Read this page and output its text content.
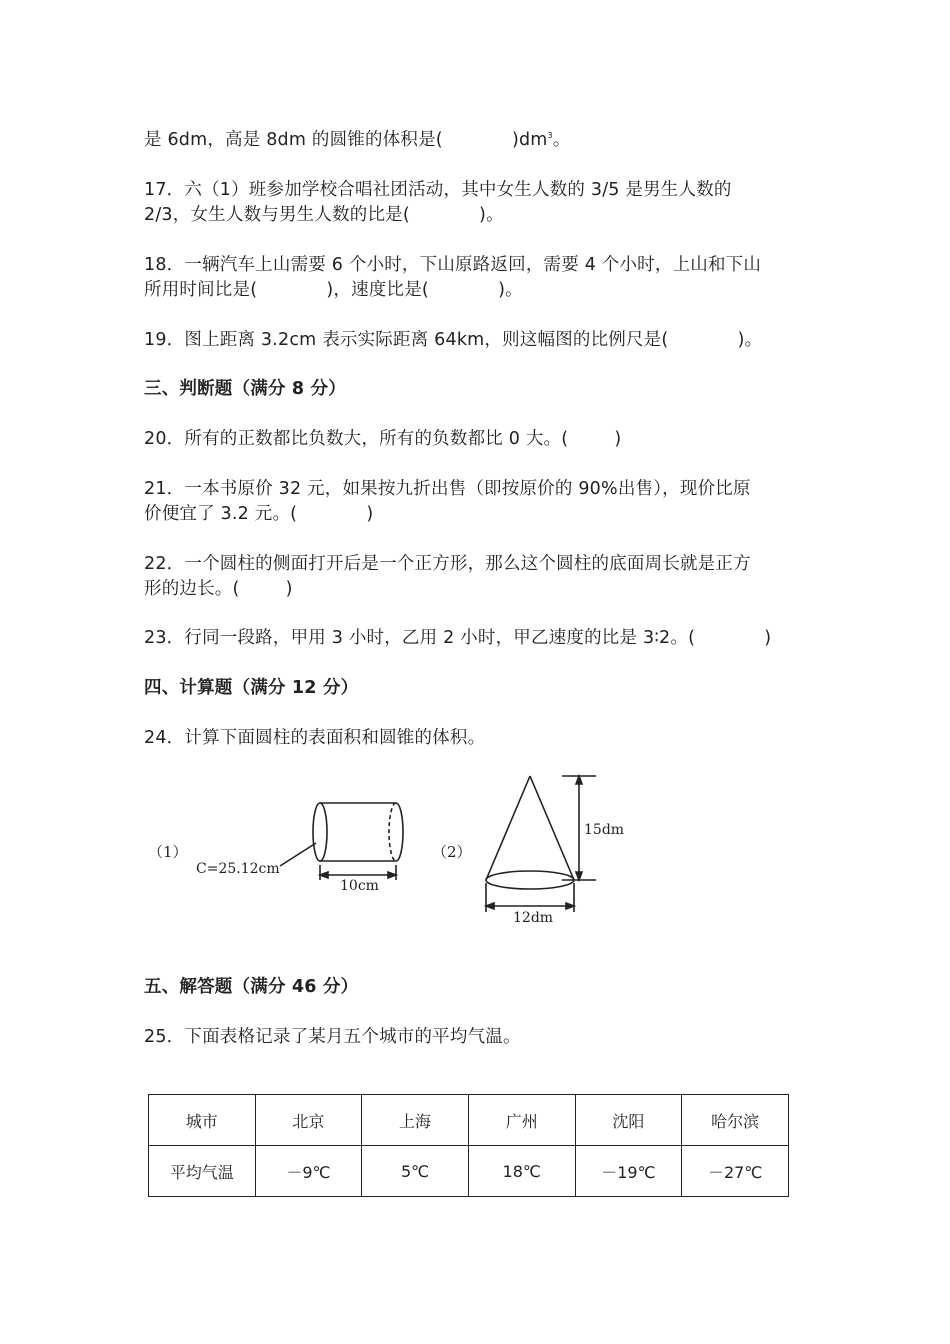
是 6dm，高是 8dm 的圆锥的体积是(            )$dm^3$。
17．六（1）班参加学校合唱社团活动，其中女生人数的 3/5 是男生人数的
2/3，女生人数与男生人数的比是(            )。
18．一辆汽车上山需要 6 个小时，下山原路返回，需要 4 个小时，上山和下山
所用时间比是(            )，速度比是(            )。
19．图上距离 3.2cm 表示实际距离 64km，则这幅图的比例尺是(            )。
三、判断题（满分 8 分）
20．所有的正数都比负数大，所有的负数都比 0 大。(        )
21．一本书原价 32 元，如果按九折出售（即按原价的 90%出售），现价比原
价便宜了 3.2 元。(            )
22．一个圆柱的侧面打开后是一个正方形，那么这个圆柱的底面周长就是正方
形的边长。(        )
23．行同一段路，甲用 3 小时，乙用 2 小时，甲乙速度的比是 3∶2。(            )
四、计算题（满分 12 分）
24．计算下面圆柱的表面积和圆锥的体积。
（1）
C=25.12cm
10cm
（2）
15dm
12dm
五、解答题（满分 46 分）
25．下面表格记录了某月五个城市的平均气温。
城市	北京	上海	广州	沈阳	哈尔滨
平均气温	－9℃	5℃	18℃	－19℃	－27℃
